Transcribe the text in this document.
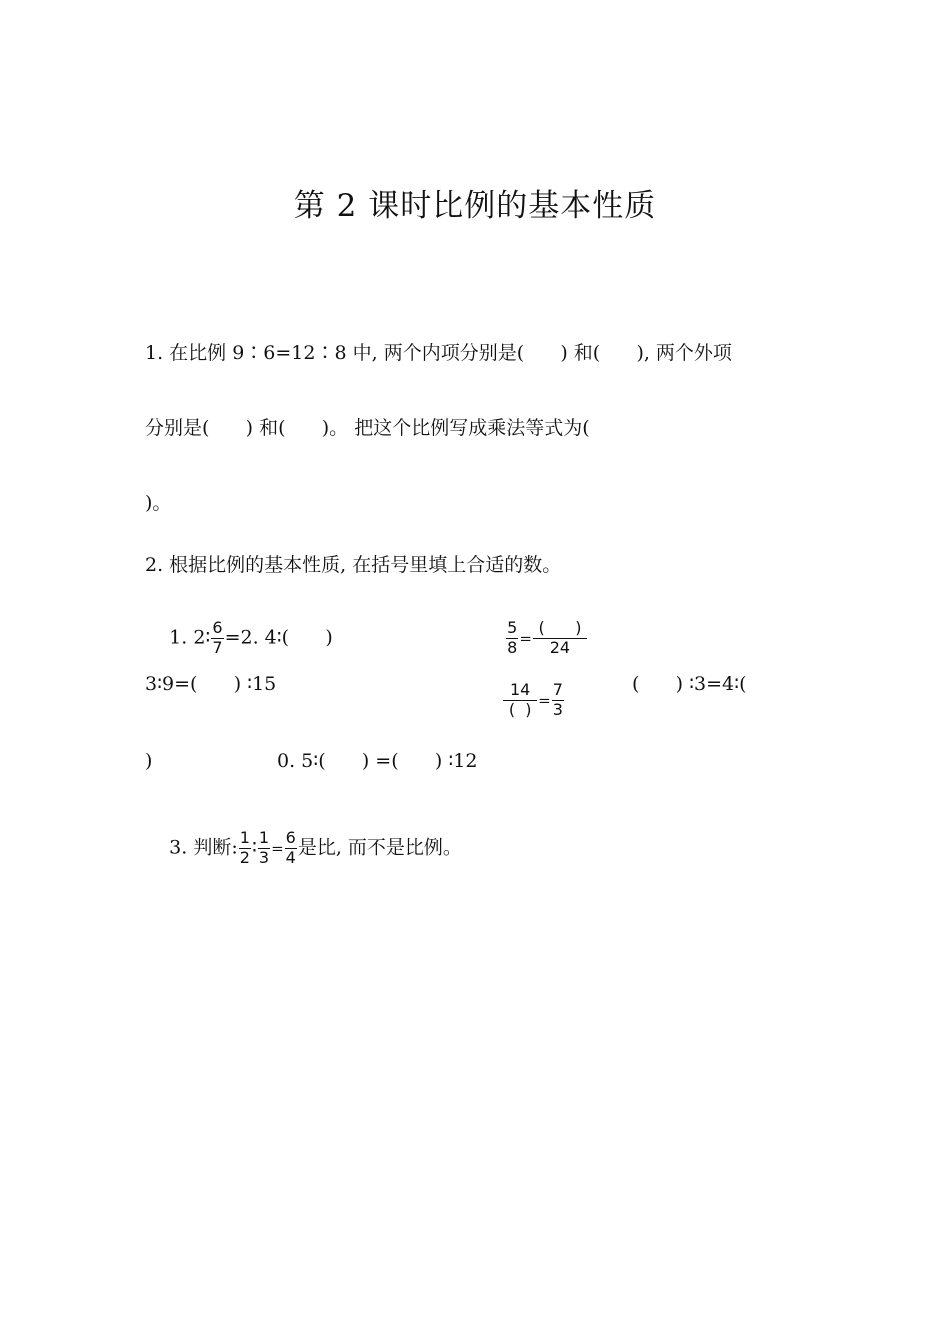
第 2 课时比例的基本性质
1. 在比例 9∶6=12∶8 中, 两个内项分别是(      ) 和(      ), 两个外项
分别是(      ) 和(      )。 把这个比例写成乘法等式为(
)。
2. 根据比例的基本性质, 在括号里填上合适的数。

1. 2∶ $\frac{6}{7} =2$. 4∶(      )

	$\frac{5}{8} = \frac{( )}{24}$

3∶9=(      ) ∶15

	$\frac{14}{( )} = \frac{7}{3}$

	(      ) ∶3=4∶(
)	0. 5∶(      ) =(      ) ∶12

3. 判断: $\frac{1}{2}$ ∶ $\frac{1}{3} = \frac{6}{4}$ 是比, 而不是比例。
